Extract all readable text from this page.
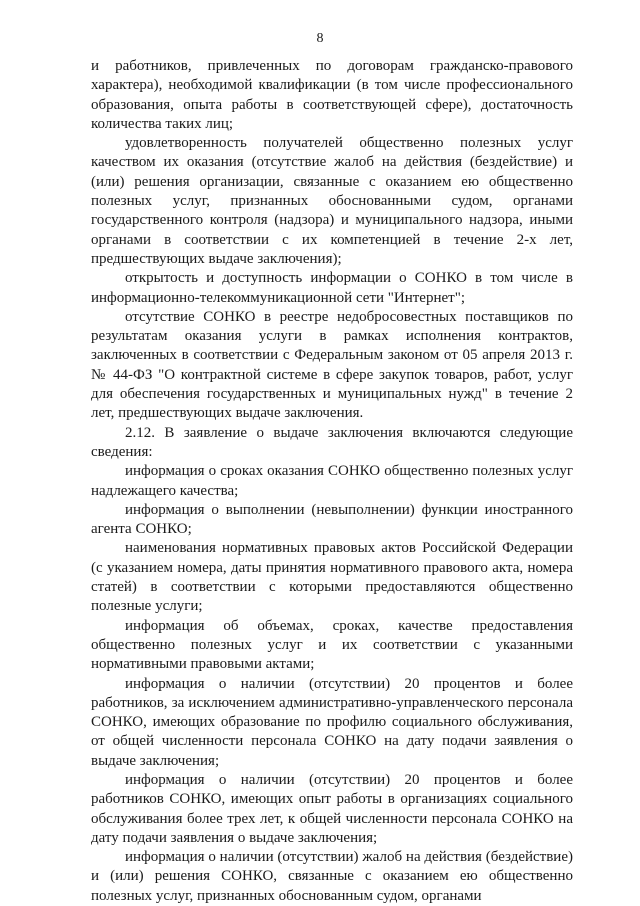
8

и работников, привлеченных по договорам гражданско-правового характера), необходимой квалификации (в том числе профессионального образования, опыта работы в соответствующей сфере), достаточность количества таких лиц;

удовлетворенность получателей общественно полезных услуг качеством их оказания (отсутствие жалоб на действия (бездействие) и (или) решения организации, связанные с оказанием ею общественно полезных услуг, признанных обоснованными судом, органами государственного контроля (надзора) и муниципального надзора, иными органами в соответствии с их компетенцией в течение 2-х лет, предшествующих выдаче заключения);

открытость и доступность информации о СОНКО в том числе в информационно-телекоммуникационной сети "Интернет";

отсутствие СОНКО в реестре недобросовестных поставщиков по результатам оказания услуги в рамках исполнения контрактов, заключенных в соответствии с Федеральным законом от 05 апреля 2013 г. № 44-ФЗ "О контрактной системе в сфере закупок товаров, работ, услуг для обеспечения государственных и муниципальных нужд" в течение 2 лет, предшествующих выдаче заключения.

2.12. В заявление о выдаче заключения включаются следующие сведения:

информация о сроках оказания СОНКО общественно полезных услуг надлежащего качества;

информация о выполнении (невыполнении) функции иностранного агента СОНКО;

наименования нормативных правовых актов Российской Федерации (с указанием номера, даты принятия нормативного правового акта, номера статей) в соответствии с которыми предоставляются общественно полезные услуги;

информация об объемах, сроках, качестве предоставления общественно полезных услуг и их соответствии с указанными нормативными правовыми актами;

информация о наличии (отсутствии) 20 процентов и более работников, за исключением административно-управленческого персонала СОНКО, имеющих образование по профилю социального обслуживания, от общей численности персонала СОНКО на дату подачи заявления о выдаче заключения;

информация о наличии (отсутствии) 20 процентов и более работников СОНКО, имеющих опыт работы в организациях социального обслуживания более трех лет, к общей численности персонала СОНКО на дату подачи заявления о выдаче заключения;

информация о наличии (отсутствии) жалоб на действия (бездействие) и (или) решения СОНКО, связанные с оказанием ею общественно полезных услуг, признанных обоснованным судом, органами
